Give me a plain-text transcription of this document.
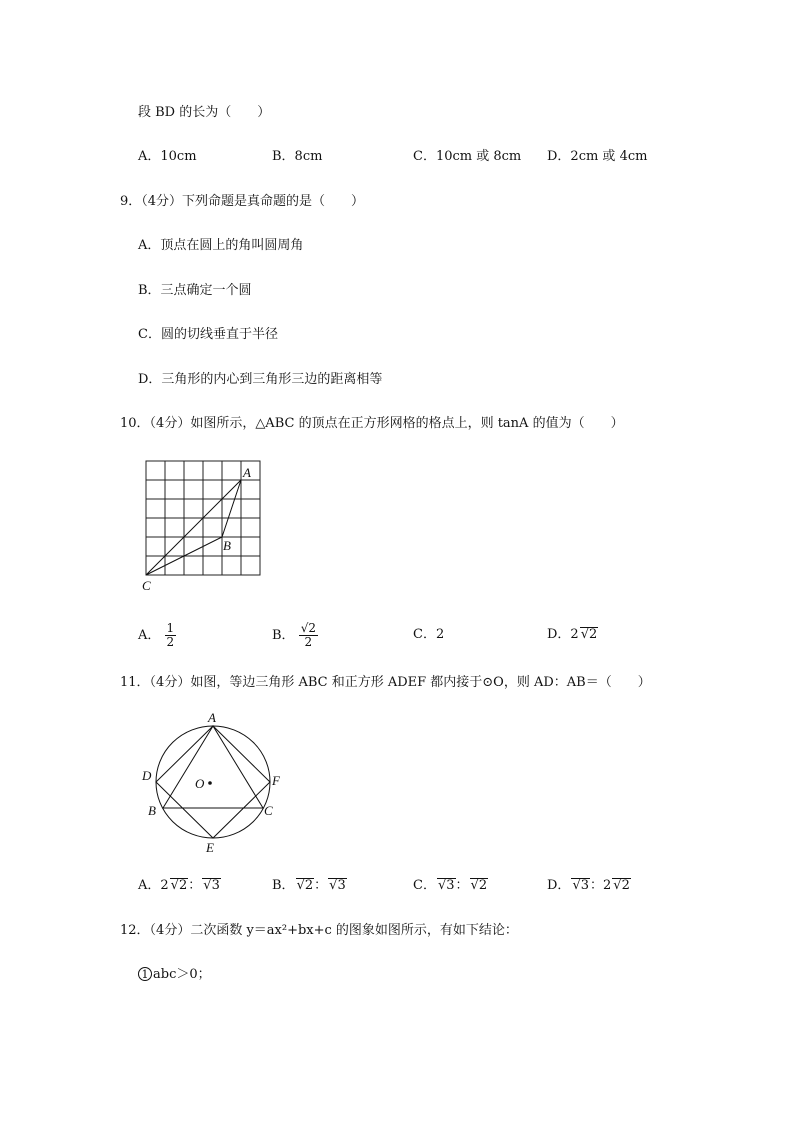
段 BD 的长为（　　）
A．10cm	B．8cm	C．10cm 或 8cm D．2cm 或 4cm
9．（4分）下列命题是真命题的是（　　）
A．顶点在圆上的角叫圆周角
B．三点确定一个圆
C．圆的切线垂直于半径
D．三角形的内心到三角形三边的距离相等
10．（4分）如图所示，△ABC 的顶点在正方形网格的格点上，则 tanA 的值为（　　）
A
B
C
A． $\frac{1}{2}$	B． $\frac{√2}{2}$	C．2	D．2 √2
11．（4分）如图，等边三角形 ABC 和正方形 ADEF 都内接于⊙O，则 AD：AB＝（　　）
A
D	F
O
B	C
E
A．2 √2： √3	B． √2： √3	C． √3： √2	D． √3：2 √2
12．（4分）二次函数 y＝ax²+bx+c 的图象如图所示，有如下结论：
1 abc＞0；
